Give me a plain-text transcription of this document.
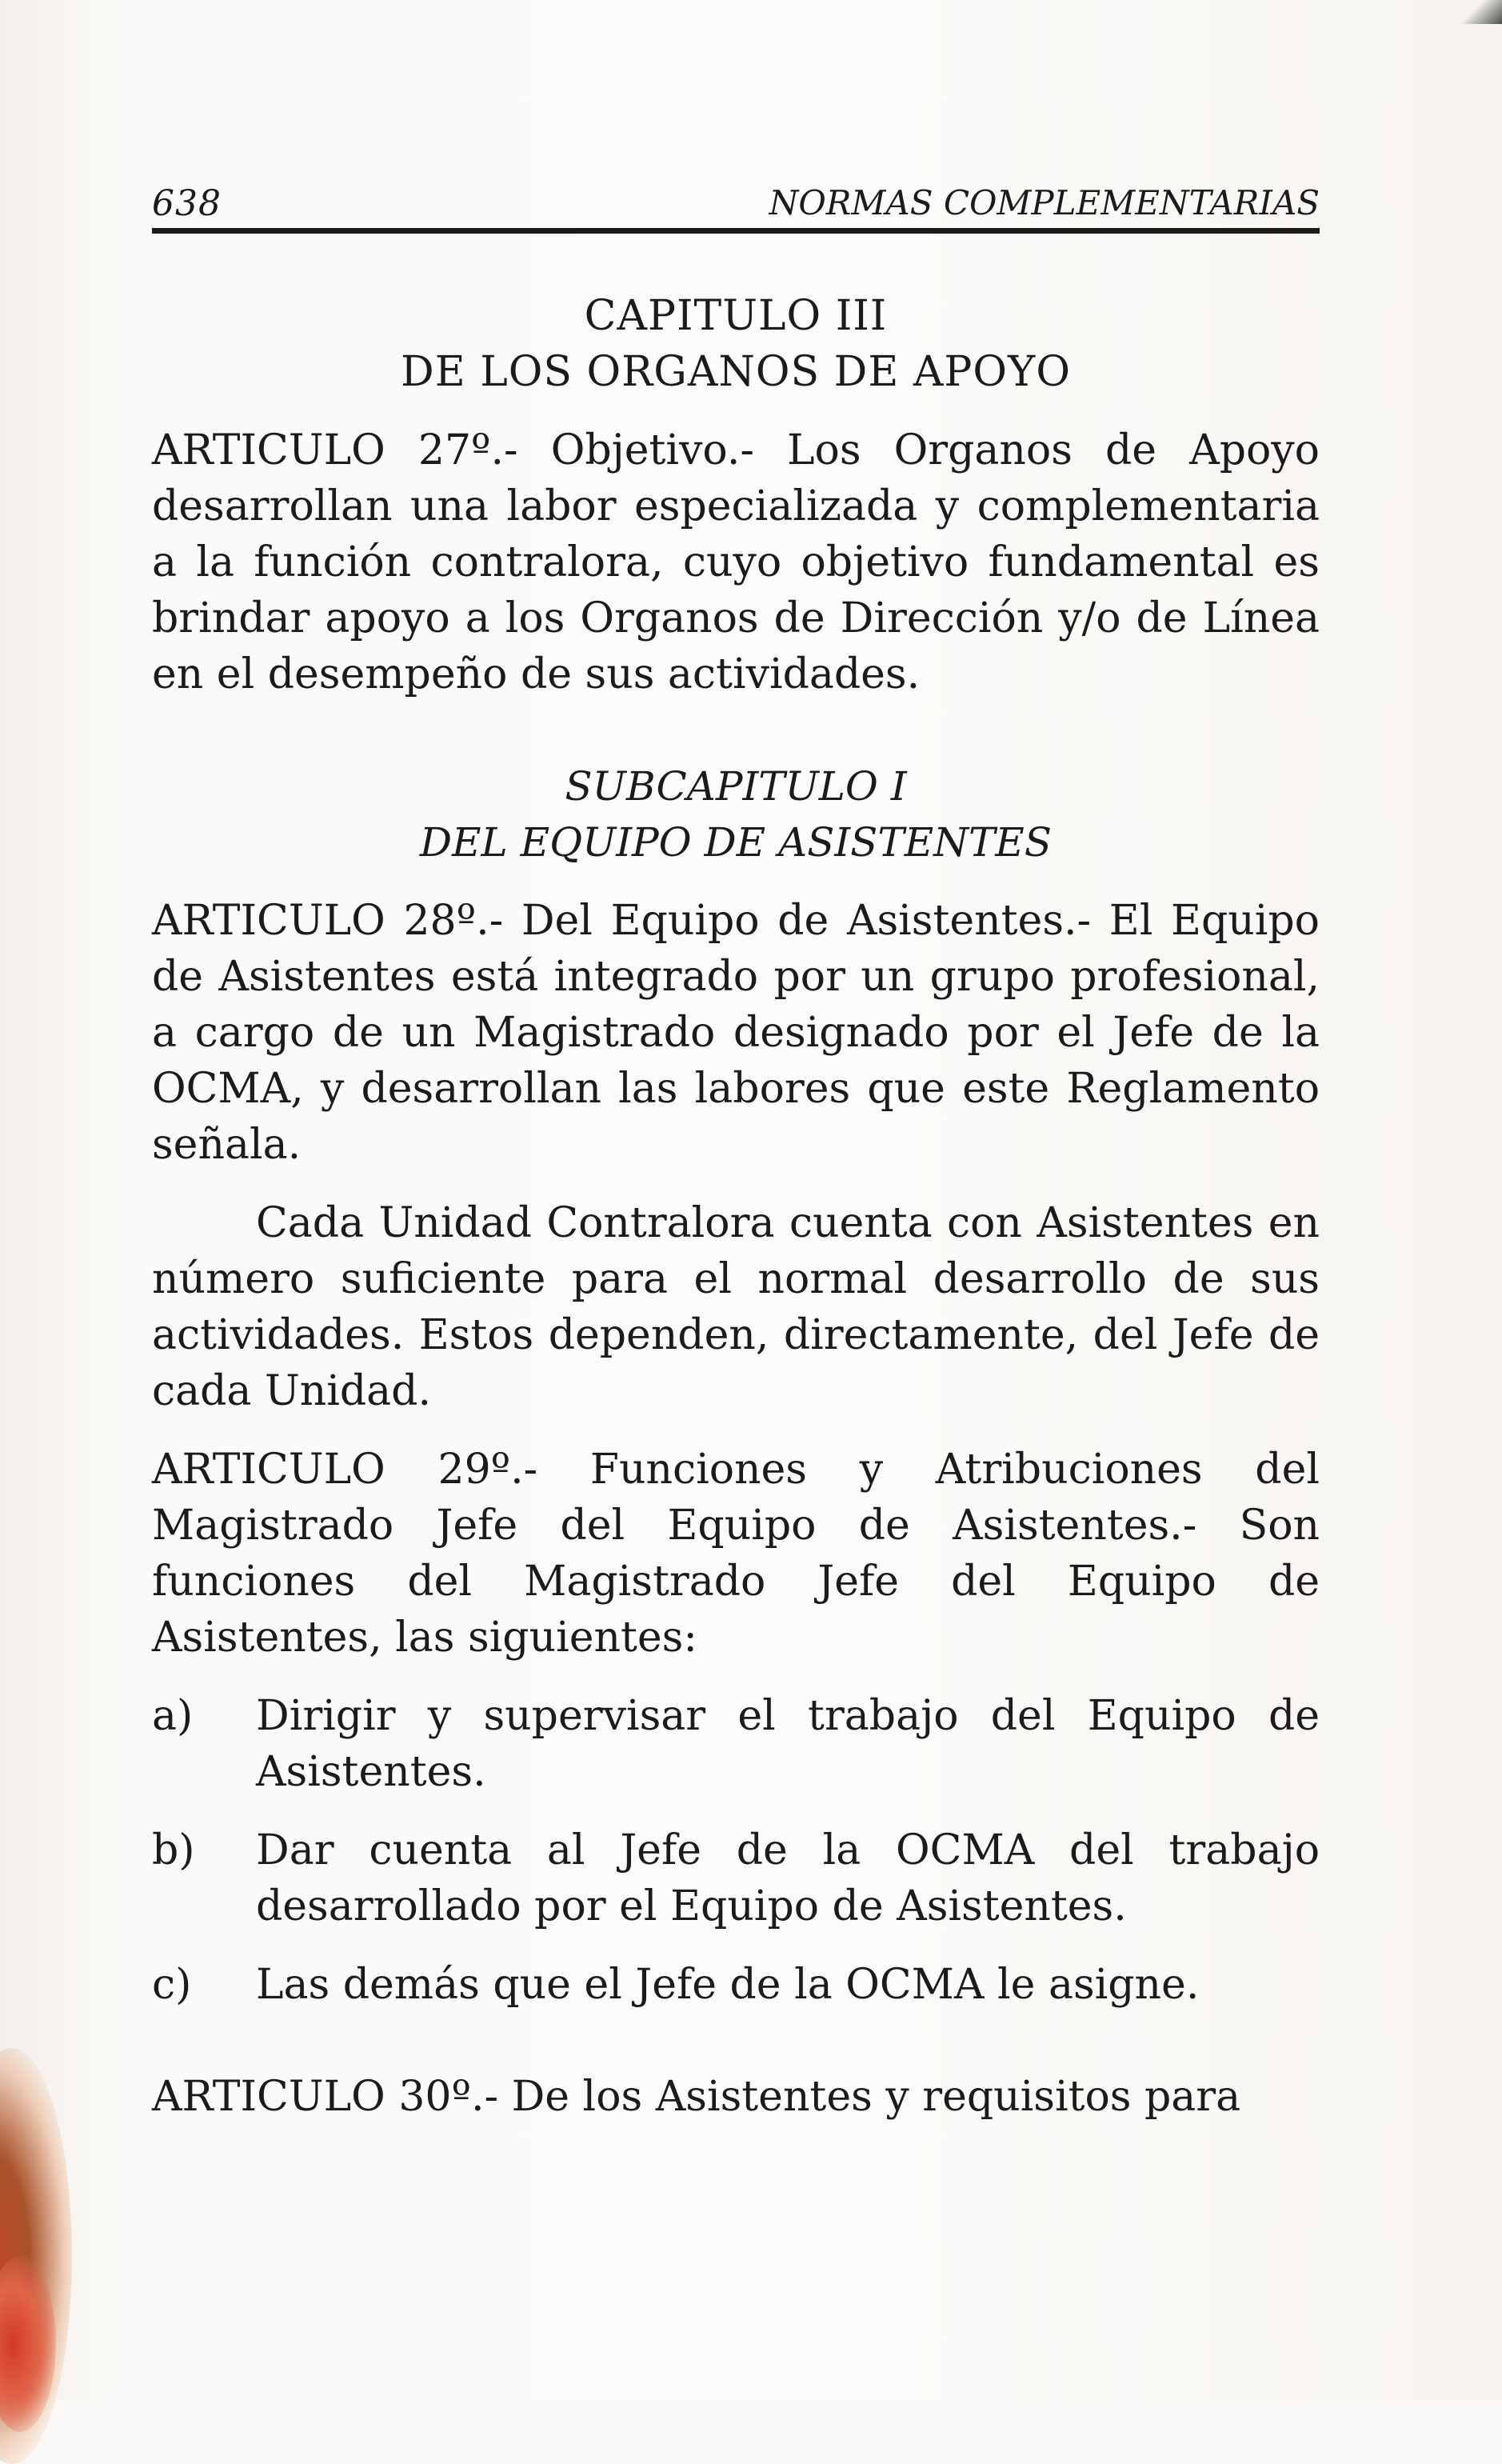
638	NORMAS COMPLEMENTARIAS
CAPITULO III
DE LOS ORGANOS DE APOYO

ARTICULO 27º.- Objetivo.- Los Organos de Apoyo desarrollan una labor especializada y complementaria a la función contralora, cuyo objetivo fundamental es brindar apoyo a los Organos de Dirección y/o de Línea en el desempeño de sus actividades.

SUBCAPITULO I
DEL EQUIPO DE ASISTENTES

ARTICULO 28º.- Del Equipo de Asistentes.- El Equipo de Asistentes está integrado por un grupo profesional, a cargo de un Magistrado designado por el Jefe de la OCMA, y desarrollan las labores que este Reglamento señala.

Cada Unidad Contralora cuenta con Asistentes en número suficiente para el normal desarrollo de sus actividades. Estos dependen, directamente, del Jefe de cada Unidad.

ARTICULO 29º.- Funciones y Atribuciones del Magistrado Jefe del Equipo de Asistentes.- Son funciones del Magistrado Jefe del Equipo de Asistentes, las siguientes:

a)	Dirigir y supervisar el trabajo del Equipo de Asistentes.
b)	Dar cuenta al Jefe de la OCMA del trabajo desarrollado por el Equipo de Asistentes.
c)	Las demás que el Jefe de la OCMA le asigne.

ARTICULO 30º.- De los Asistentes y requisitos para
